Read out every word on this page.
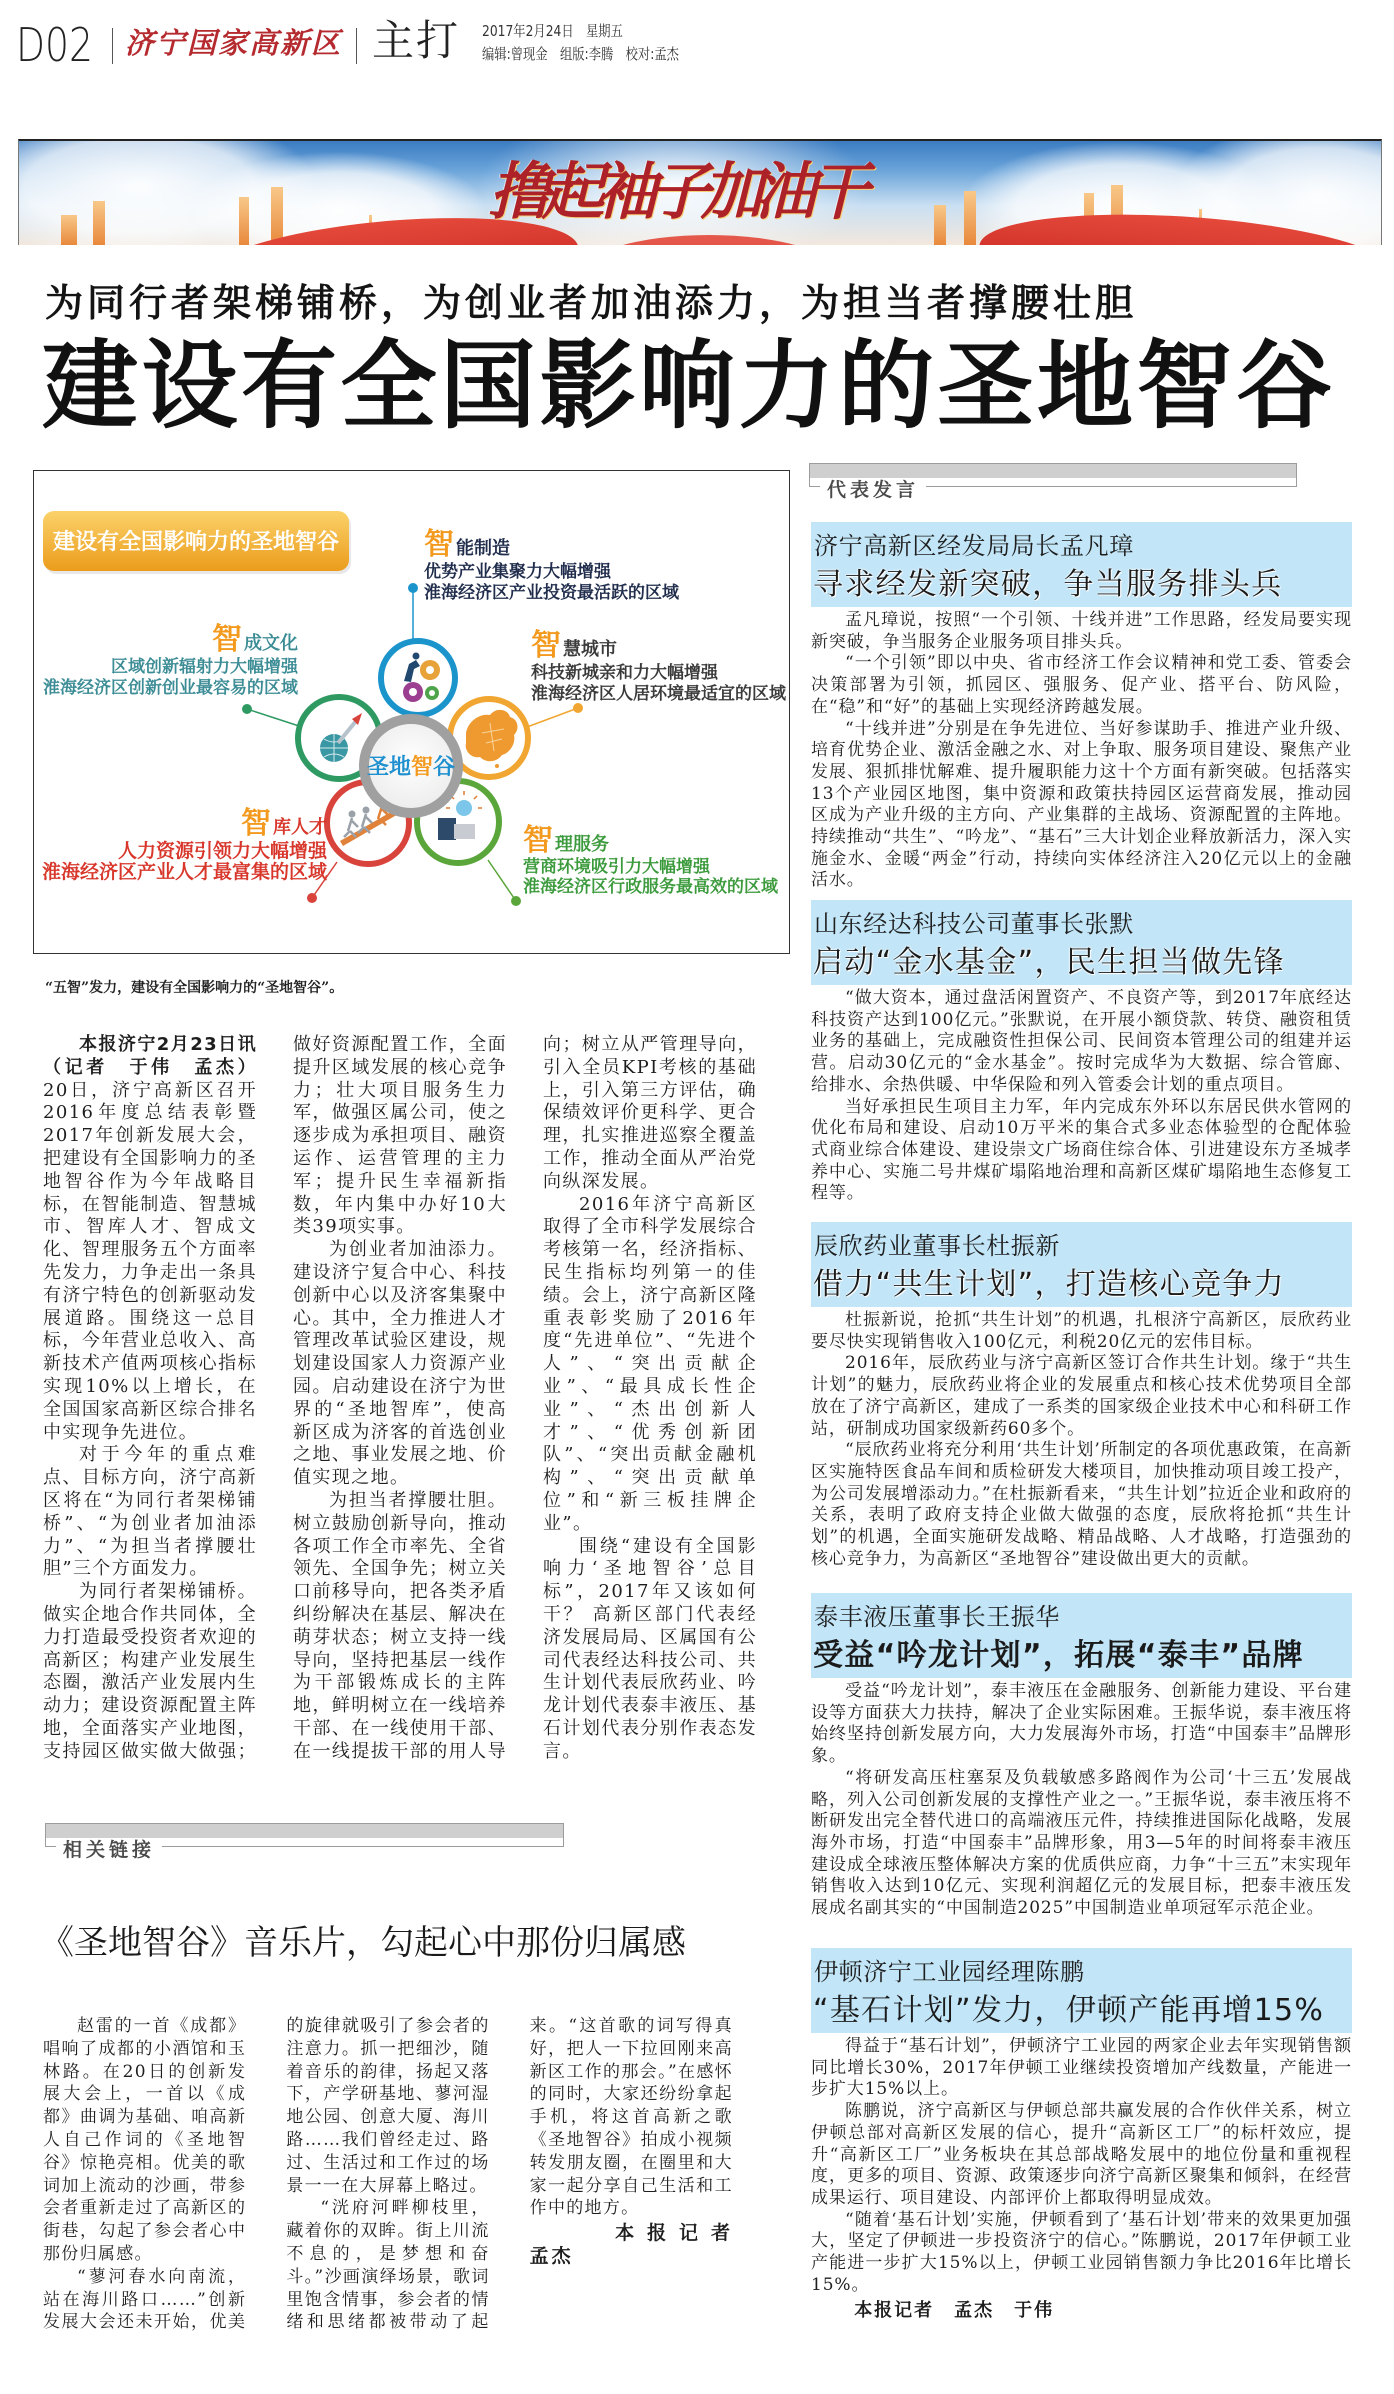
D02 济宁国家高新区 主打 2017年2月24日　星期五
编辑:曾现金　组版:李腾　校对:孟杰
撸起袖子加油干
为同行者架梯铺桥，为创业者加油添力，为担当者撑腰壮胆
建设有全国影响力的圣地智谷
建设有全国影响力的圣地智谷
圣地智谷
智能制造
优势产业集聚力大幅增强
淮海经济区产业投资最活跃的区域
智慧城市
科技新城亲和力大幅增强
淮海经济区人居环境最适宜的区域
智理服务
营商环境吸引力大幅增强
淮海经济区行政服务最高效的区域
智库人才
人力资源引领力大幅增强
淮海经济区产业人才最富集的区域
智成文化
区域创新辐射力大幅增强
淮海经济区创新创业最容易的区域
“五智”发力，建设有全国影响力的“圣地智谷”。

本报济宁2月23日讯（记者　于伟　孟杰）20日，济宁高新区召开2016年度总结表彰暨2017年创新发展大会，把建设有全国影响力的圣地智谷作为今年战略目标，在智能制造、智慧城市、智库人才、智成文化、智理服务五个方面率先发力，力争走出一条具有济宁特色的创新驱动发展道路。围绕这一总目标，今年营业总收入、高新技术产值两项核心指标实现10%以上增长，在全国国家高新区综合排名中实现争先进位。

对于今年的重点难点、目标方向，济宁高新区将在“为同行者架梯铺桥”、“为创业者加油添力”、“为担当者撑腰壮胆”三个方面发力。

为同行者架梯铺桥。做实企地合作共同体，全力打造最受投资者欢迎的高新区；构建产业发展生态圈，激活产业发展内生动力；建设资源配置主阵地，全面落实产业地图，支持园区做实做大做强；做好资源配置工作，全面提升区域发展的核心竞争力；壮大项目服务生力军，做强区属公司，使之逐步成为承担项目、融资运作、运营管理的主力军；提升民生幸福新指数，年内集中办好10大类39项实事。

为创业者加油添力。建设济宁复合中心、科技创新中心以及济客集聚中心。其中，全力推进人才管理改革试验区建设，规划建设国家人力资源产业园。启动建设在济宁为世界的“圣地智库”，使高新区成为济客的首选创业之地、事业发展之地、价值实现之地。

为担当者撑腰壮胆。树立鼓励创新导向，推动各项工作全市率先、全省领先、全国争先；树立关口前移导向，把各类矛盾纠纷解决在基层、解决在萌芽状态；树立支持一线导向，坚持把基层一线作为干部锻炼成长的主阵地，鲜明树立在一线培养干部、在一线使用干部、在一线提拔干部的用人导向；树立从严管理导向，引入全员KPI考核的基础上，引入第三方评估，确保绩效评价更科学、更合理，扎实推进巡察全覆盖工作，推动全面从严治党向纵深发展。

2016年济宁高新区取得了全市科学发展综合考核第一名，经济指标、民生指标均列第一的佳绩。会上，济宁高新区隆重表彰奖励了2016年度“先进单位”、“先进个人”、“突出贡献企业”、“最具成长性企业”、“杰出创新人才”、“优秀创新团队”、“突出贡献金融机构”、“突出贡献单位”和“新三板挂牌企业”。

围绕“建设有全国影响力‘圣地智谷’总目标”，2017年又该如何干？ 高新区部门代表经济发展局局、区属国有公司代表经达科技公司、共生计划代表辰欣药业、吟龙计划代表泰丰液压、基石计划代表分别作表态发言。

代表发言
济宁高新区经发局局长孟凡璋
寻求经发新突破，争当服务排头兵

孟凡璋说，按照“一个引领、十线并进”工作思路，经发局要实现新突破，争当服务企业服务项目排头兵。

“一个引领”即以中央、省市经济工作会议精神和党工委、管委会决策部署为引领，抓园区、强服务、促产业、搭平台、防风险，在“稳”和“好”的基础上实现经济跨越发展。

“十线并进”分别是在争先进位、当好参谋助手、推进产业升级、培育优势企业、激活金融之水、对上争取、服务项目建设、聚焦产业发展、狠抓排忧解难、提升履职能力这十个方面有新突破。包括落实13个产业园区地图，集中资源和政策扶持园区运营商发展，推动园区成为产业升级的主方向、产业集群的主战场、资源配置的主阵地。持续推动“共生”、“吟龙”、“基石”三大计划企业释放新活力，深入实施金水、金暖“两金”行动，持续向实体经济注入20亿元以上的金融活水。

山东经达科技公司董事长张默
启动“金水基金”，民生担当做先锋

“做大资本，通过盘活闲置资产、不良资产等，到2017年底经达科技资产达到100亿元。”张默说，在开展小额贷款、转贷、融资租赁业务的基础上，完成融资性担保公司、民间资本管理公司的组建并运营。启动30亿元的“金水基金”。按时完成华为大数据、综合管廊、给排水、余热供暖、中华保险和列入管委会计划的重点项目。

当好承担民生项目主力军，年内完成东外环以东居民供水管网的优化布局和建设、启动10万平米的集合式多业态体验型的仓配体验式商业综合体建设、建设崇文广场商住综合体、引进建设东方圣城孝养中心、实施二号井煤矿塌陷地治理和高新区煤矿塌陷地生态修复工程等。

辰欣药业董事长杜振新
借力“共生计划”，打造核心竞争力

杜振新说，抢抓“共生计划”的机遇，扎根济宁高新区，辰欣药业要尽快实现销售收入100亿元，利税20亿元的宏伟目标。

2016年，辰欣药业与济宁高新区签订合作共生计划。缘于“共生计划”的魅力，辰欣药业将企业的发展重点和核心技术优势项目全部放在了济宁高新区，建成了一系类的国家级企业技术中心和科研工作站，研制成功国家级新药60多个。

“辰欣药业将充分利用‘共生计划’所制定的各项优惠政策，在高新区实施特医食品车间和质检研发大楼项目，加快推动项目竣工投产，为公司发展增添动力。”在杜振新看来，“共生计划”拉近企业和政府的关系，表明了政府支持企业做大做强的态度，辰欣将抢抓“共生计划”的机遇，全面实施研发战略、精品战略、人才战略，打造强劲的核心竞争力，为高新区“圣地智谷”建设做出更大的贡献。

泰丰液压董事长王振华
受益“吟龙计划”，拓展“泰丰”品牌

受益“吟龙计划”，泰丰液压在金融服务、创新能力建设、平台建设等方面获大力扶持，解决了企业实际困难。王振华说，泰丰液压将始终坚持创新发展方向，大力发展海外市场，打造“中国泰丰”品牌形象。

“将研发高压柱塞泵及负载敏感多路阀作为公司‘十三五’发展战略，列入公司创新发展的支撑性产业之一。”王振华说，泰丰液压将不断研发出完全替代进口的高端液压元件，持续推进国际化战略，发展海外市场，打造“中国泰丰”品牌形象，用3—5年的时间将泰丰液压建设成全球液压整体解决方案的优质供应商，力争“十三五”末实现年销售收入达到10亿元、实现利润超亿元的发展目标，把泰丰液压发展成名副其实的“中国制造2025”中国制造业单项冠军示范企业。

伊顿济宁工业园经理陈鹏
“基石计划”发力，伊顿产能再增15%

得益于“基石计划”，伊顿济宁工业园的两家企业去年实现销售额同比增长30%，2017年伊顿工业继续投资增加产线数量，产能进一步扩大15%以上。

陈鹏说，济宁高新区与伊顿总部共赢发展的合作伙伴关系，树立伊顿总部对高新区发展的信心，提升“高新区工厂”的标杆效应，提升“高新区工厂”业务板块在其总部战略发展中的地位份量和重视程度，更多的项目、资源、政策逐步向济宁高新区聚集和倾斜，在经营成果运行、项目建设、内部评价上都取得明显成效。

“随着‘基石计划’实施，伊顿看到了‘基石计划’带来的效果更加强大，坚定了伊顿进一步投资济宁的信心。”陈鹏说，2017年伊顿工业产能进一步扩大15%以上，伊顿工业园销售额力争比2016年比增长15%。

本报记者　孟杰　于伟
相关链接
《圣地智谷》音乐片，勾起心中那份归属感

赵雷的一首《成都》唱响了成都的小酒馆和玉林路。在20日的创新发展大会上，一首以《成都》曲调为基础、咱高新人自己作词的《圣地智谷》惊艳亮相。优美的歌词加上流动的沙画，带参会者重新走过了高新区的街巷，勾起了参会者心中那份归属感。

“蓼河春水向南流，站在海川路口……”创新发展大会还未开始，优美的旋律就吸引了参会者的注意力。抓一把细沙，随着音乐的韵律，扬起又落下，产学研基地、蓼河湿地公园、创意大厦、海川路……我们曾经走过、路过、生活过和工作过的场景一一在大屏幕上略过。

“洸府河畔柳枝里，藏着你的双眸。街上川流不息的，是梦想和奋斗。”沙画演绎场景，歌词里饱含情事，参会者的情绪和思绪都被带动了起来。“这首歌的词写得真好，把人一下拉回刚来高新区工作的那会。”在感怀的同时，大家还纷纷拿起手机，将这首高新之歌《圣地智谷》拍成小视频转发朋友圈，在圈里和大家一起分享自己生活和工作中的地方。

本报记者　孟杰
